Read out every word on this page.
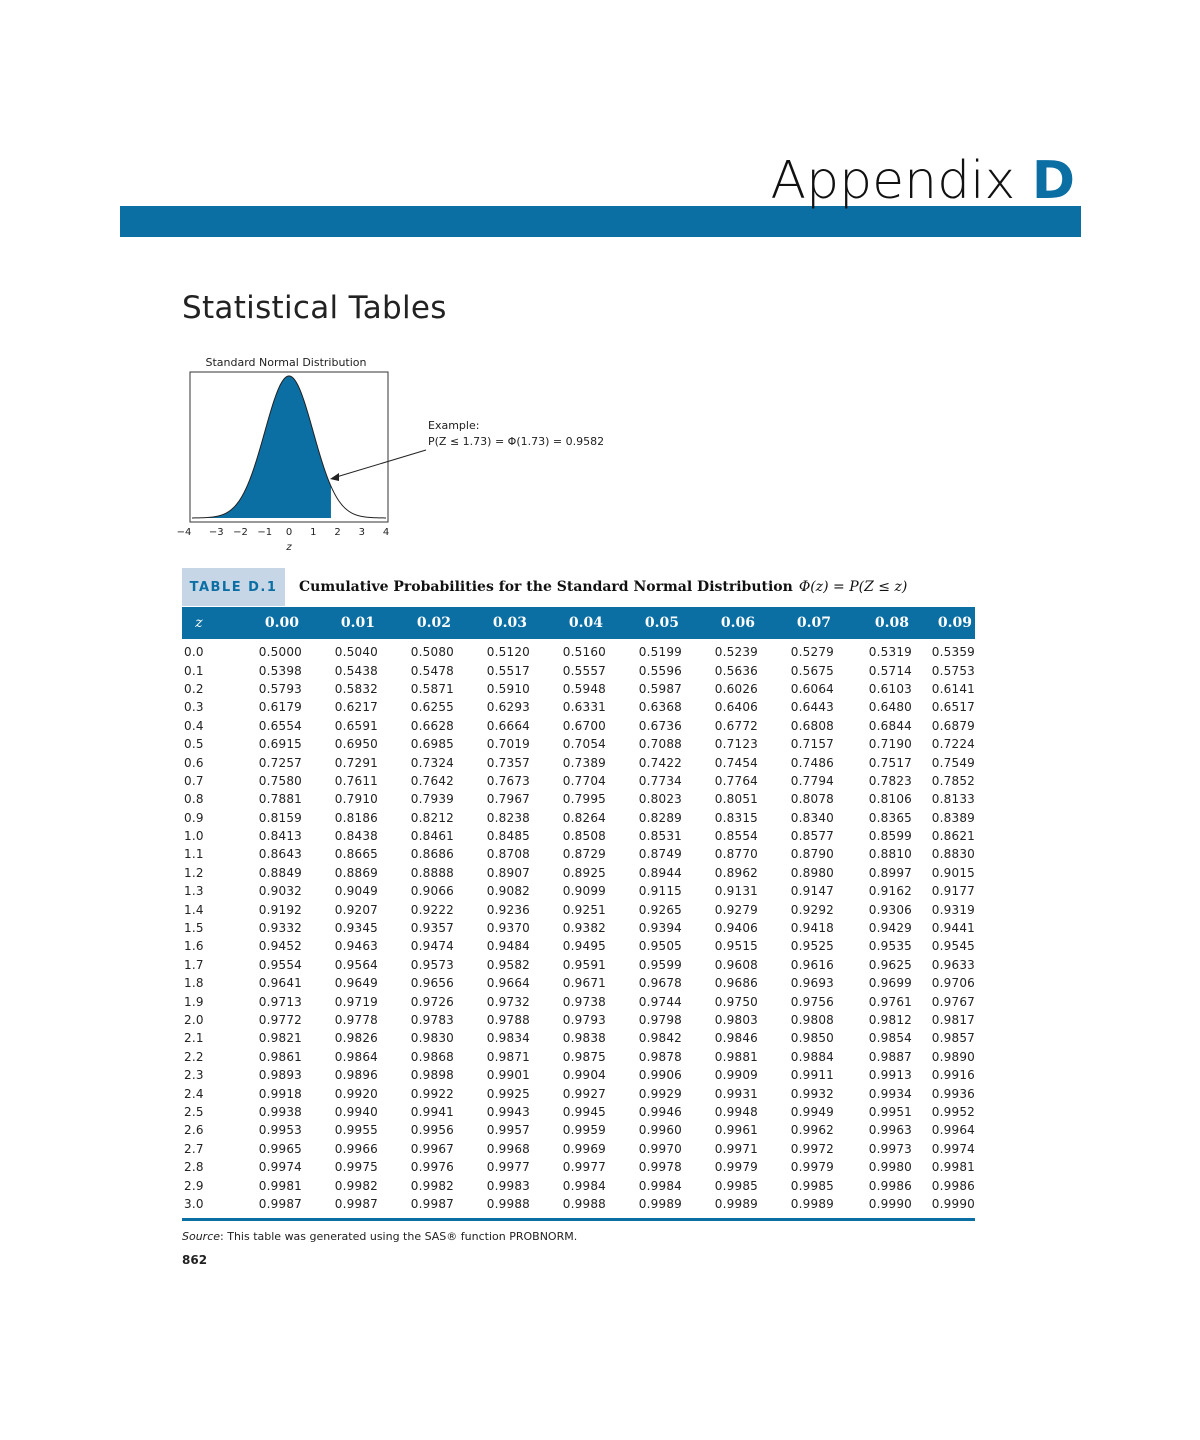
Appendix D
Statistical Tables
Standard Normal Distribution
−4 −3 −2 −1 0 1 2 3 4
z
Example:
P(Z ≤ 1.73) = Φ(1.73) = 0.9582
TABLE D.1	Cumulative Probabilities for the Standard Normal Distribution Φ(z) = P(Z ≤ z)
z	0.00	0.01	0.02	0.03	0.04	0.05	0.06	0.07	0.08	0.09
0.0	0.5000	0.5040	0.5080	0.5120	0.5160	0.5199	0.5239	0.5279	0.5319	0.5359
0.1	0.5398	0.5438	0.5478	0.5517	0.5557	0.5596	0.5636	0.5675	0.5714	0.5753
0.2	0.5793	0.5832	0.5871	0.5910	0.5948	0.5987	0.6026	0.6064	0.6103	0.6141
0.3	0.6179	0.6217	0.6255	0.6293	0.6331	0.6368	0.6406	0.6443	0.6480	0.6517
0.4	0.6554	0.6591	0.6628	0.6664	0.6700	0.6736	0.6772	0.6808	0.6844	0.6879
0.5	0.6915	0.6950	0.6985	0.7019	0.7054	0.7088	0.7123	0.7157	0.7190	0.7224
0.6	0.7257	0.7291	0.7324	0.7357	0.7389	0.7422	0.7454	0.7486	0.7517	0.7549
0.7	0.7580	0.7611	0.7642	0.7673	0.7704	0.7734	0.7764	0.7794	0.7823	0.7852
0.8	0.7881	0.7910	0.7939	0.7967	0.7995	0.8023	0.8051	0.8078	0.8106	0.8133
0.9	0.8159	0.8186	0.8212	0.8238	0.8264	0.8289	0.8315	0.8340	0.8365	0.8389
1.0	0.8413	0.8438	0.8461	0.8485	0.8508	0.8531	0.8554	0.8577	0.8599	0.8621
1.1	0.8643	0.8665	0.8686	0.8708	0.8729	0.8749	0.8770	0.8790	0.8810	0.8830
1.2	0.8849	0.8869	0.8888	0.8907	0.8925	0.8944	0.8962	0.8980	0.8997	0.9015
1.3	0.9032	0.9049	0.9066	0.9082	0.9099	0.9115	0.9131	0.9147	0.9162	0.9177
1.4	0.9192	0.9207	0.9222	0.9236	0.9251	0.9265	0.9279	0.9292	0.9306	0.9319
1.5	0.9332	0.9345	0.9357	0.9370	0.9382	0.9394	0.9406	0.9418	0.9429	0.9441
1.6	0.9452	0.9463	0.9474	0.9484	0.9495	0.9505	0.9515	0.9525	0.9535	0.9545
1.7	0.9554	0.9564	0.9573	0.9582	0.9591	0.9599	0.9608	0.9616	0.9625	0.9633
1.8	0.9641	0.9649	0.9656	0.9664	0.9671	0.9678	0.9686	0.9693	0.9699	0.9706
1.9	0.9713	0.9719	0.9726	0.9732	0.9738	0.9744	0.9750	0.9756	0.9761	0.9767
2.0	0.9772	0.9778	0.9783	0.9788	0.9793	0.9798	0.9803	0.9808	0.9812	0.9817
2.1	0.9821	0.9826	0.9830	0.9834	0.9838	0.9842	0.9846	0.9850	0.9854	0.9857
2.2	0.9861	0.9864	0.9868	0.9871	0.9875	0.9878	0.9881	0.9884	0.9887	0.9890
2.3	0.9893	0.9896	0.9898	0.9901	0.9904	0.9906	0.9909	0.9911	0.9913	0.9916
2.4	0.9918	0.9920	0.9922	0.9925	0.9927	0.9929	0.9931	0.9932	0.9934	0.9936
2.5	0.9938	0.9940	0.9941	0.9943	0.9945	0.9946	0.9948	0.9949	0.9951	0.9952
2.6	0.9953	0.9955	0.9956	0.9957	0.9959	0.9960	0.9961	0.9962	0.9963	0.9964
2.7	0.9965	0.9966	0.9967	0.9968	0.9969	0.9970	0.9971	0.9972	0.9973	0.9974
2.8	0.9974	0.9975	0.9976	0.9977	0.9977	0.9978	0.9979	0.9979	0.9980	0.9981
2.9	0.9981	0.9982	0.9982	0.9983	0.9984	0.9984	0.9985	0.9985	0.9986	0.9986
3.0	0.9987	0.9987	0.9987	0.9988	0.9988	0.9989	0.9989	0.9989	0.9990	0.9990
Source: This table was generated using the SAS® function PROBNORM.
862
